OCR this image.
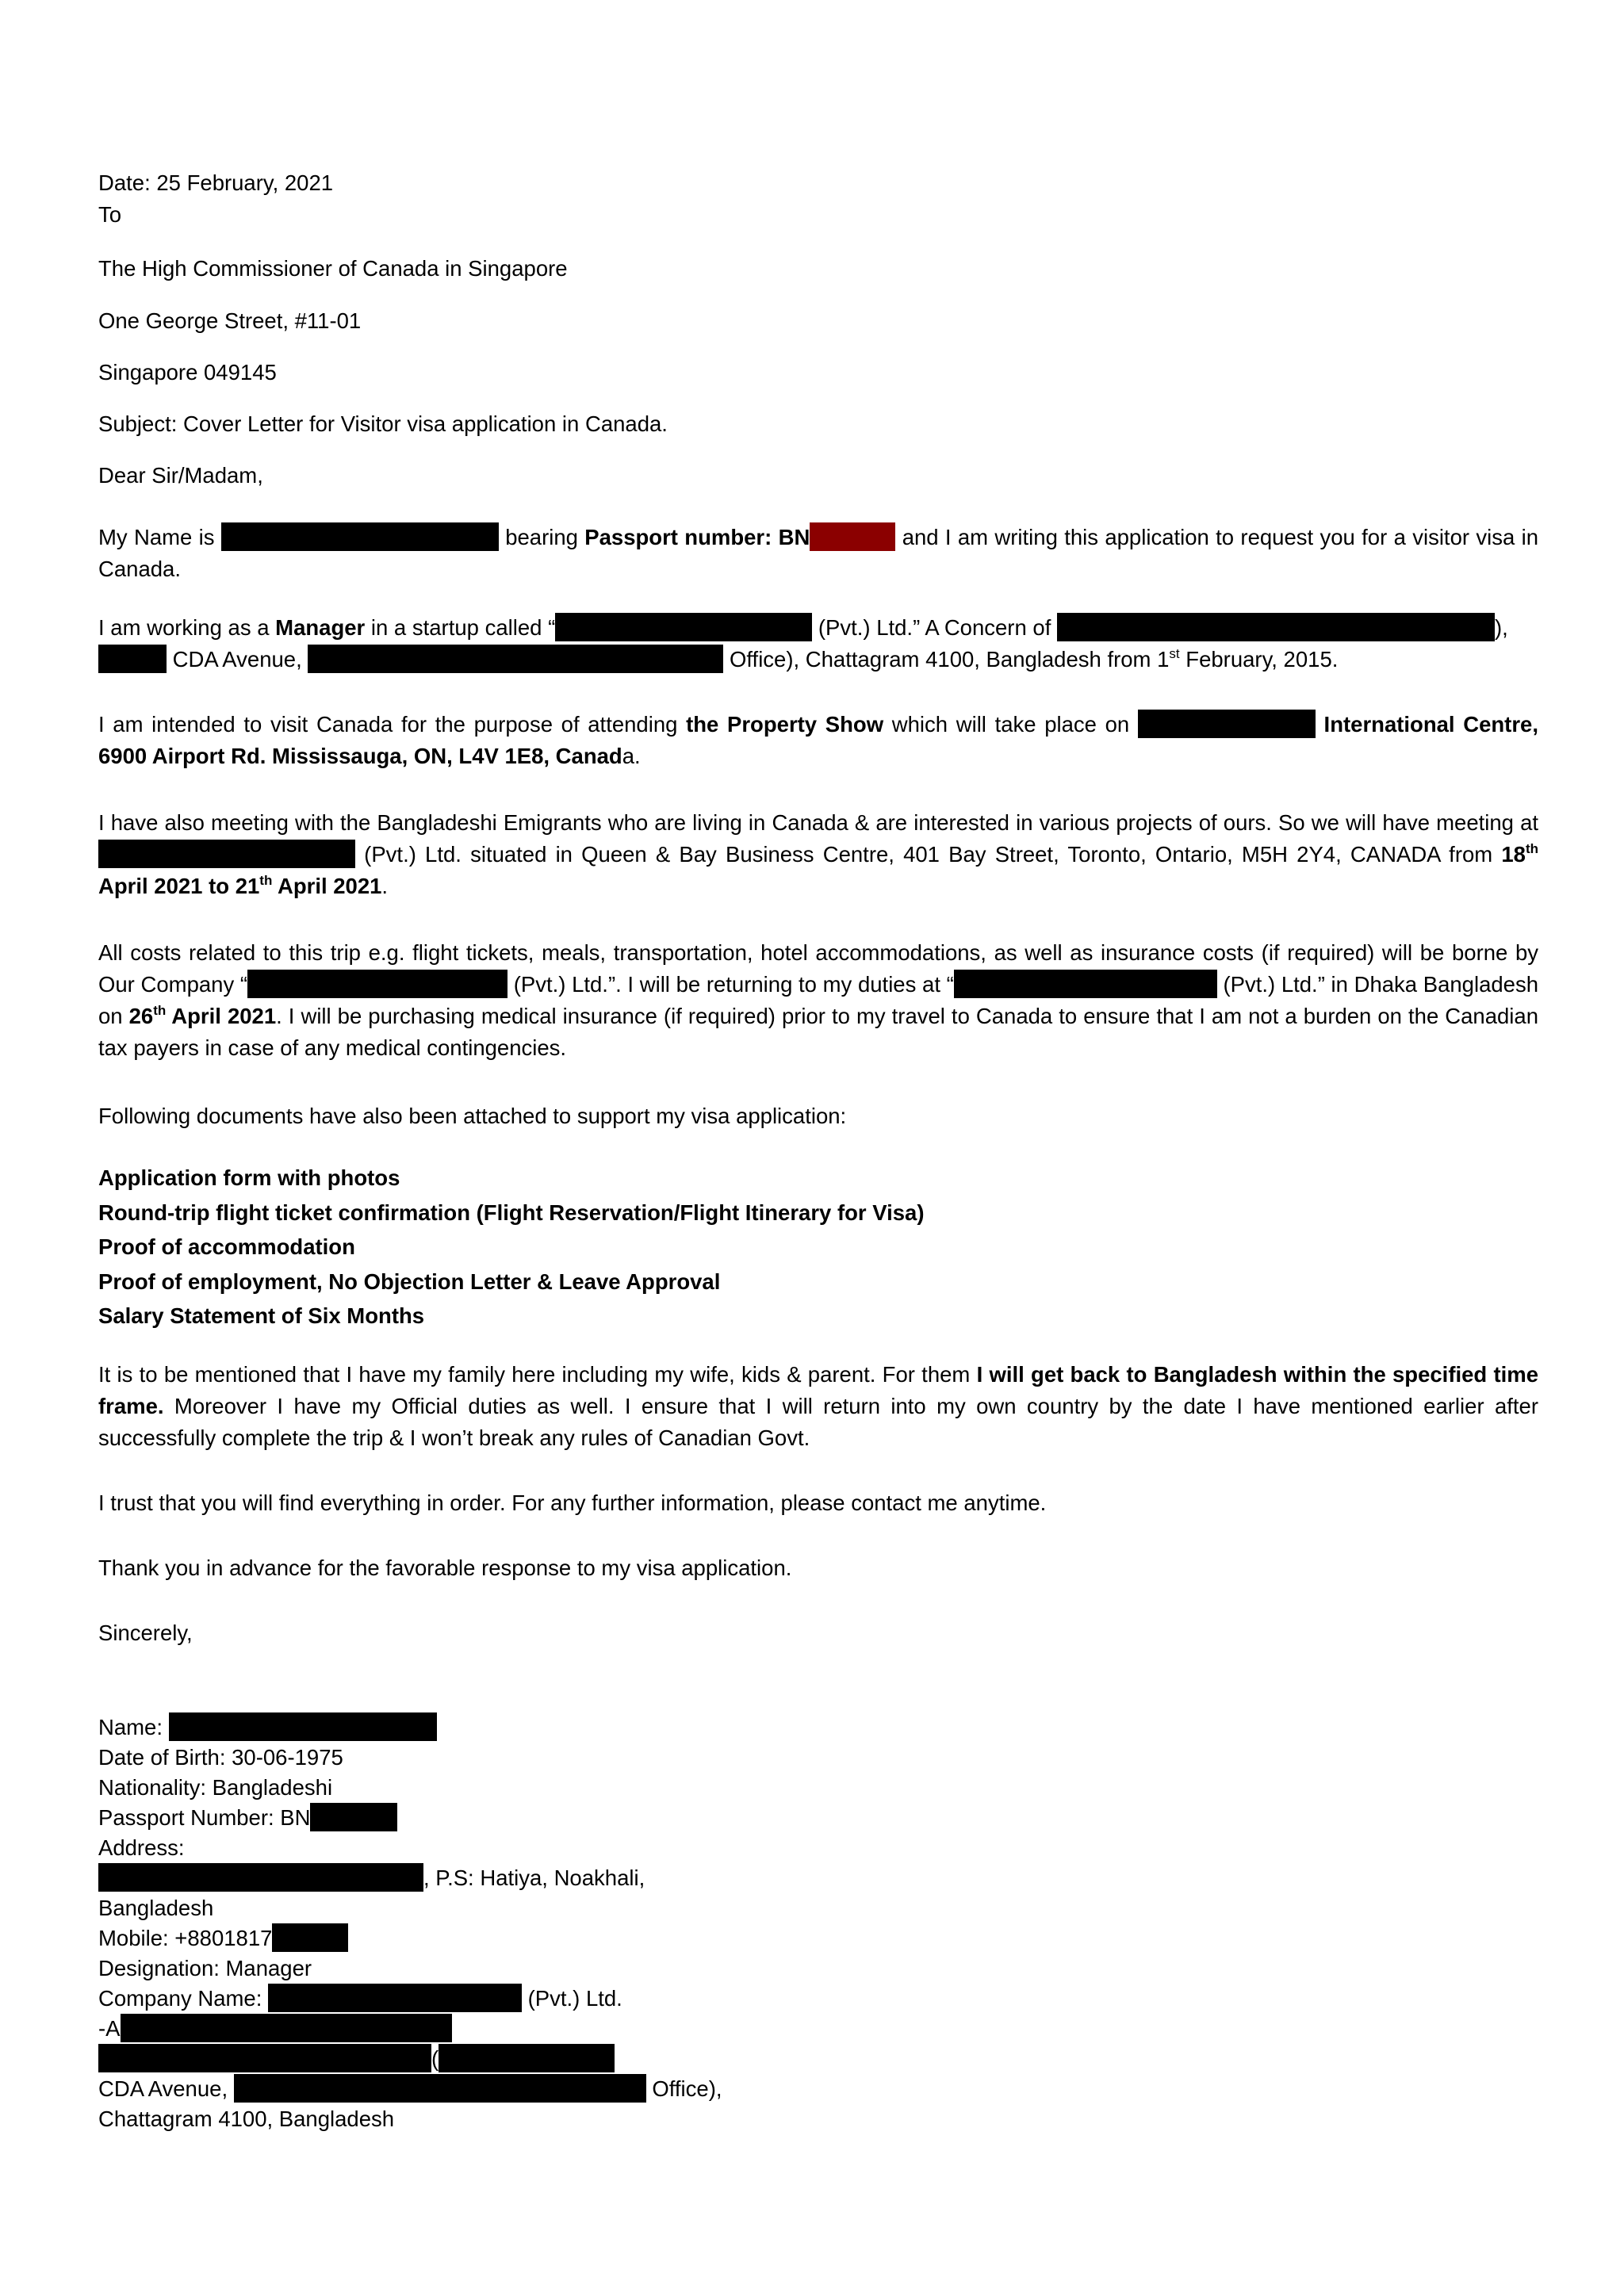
Date: 25 February, 2021
To
The High Commissioner of Canada in Singapore
One George Street, #11-01
Singapore 049145
Subject: Cover Letter for Visitor visa application in Canada.
Dear Sir/Madam,
My Name is	bearing Passport number: BN	and I am writing this application to request you for a visitor visa in Canada.
I am working as a Manager in a startup called “	(Pvt.) Ltd.” A Concern of	),
CDA Avenue,	Office), Chattagram 4100, Bangladesh from 1st February, 2015.
I am intended to visit Canada for the purpose of attending the Property Show which will take place on	International Centre, 6900 Airport Rd. Mississauga, ON, L4V 1E8, Canada.
I have also meeting with the Bangladeshi Emigrants who are living in Canada & are interested in various projects of ours. So we will have meeting at  (Pvt.) Ltd. situated in Queen & Bay Business Centre, 401 Bay Street, Toronto, Ontario, M5H 2Y4, CANADA from 18th April 2021 to 21th April 2021.
All costs related to this trip e.g. flight tickets, meals, transportation, hotel accommodations, as well as insurance costs (if required) will be borne by Our Company “	(Pvt.) Ltd.”. I will be returning to my duties at “	(Pvt.) Ltd.” in Dhaka Bangladesh on 26th April 2021. I will be purchasing medical insurance (if required) prior to my travel to Canada to ensure that I am not a burden on the Canadian tax payers in case of any medical contingencies.
Following documents have also been attached to support my visa application:
Application form with photos
Round-trip flight ticket confirmation (Flight Reservation/Flight Itinerary for Visa)
Proof of accommodation
Proof of employment, No Objection Letter & Leave Approval
Salary Statement of Six Months
It is to be mentioned that I have my family here including my wife, kids & parent. For them I will get back to Bangladesh within the specified time frame. Moreover I have my Official duties as well. I ensure that I will return into my own country by the date I have mentioned earlier after successfully complete the trip & I won’t break any rules of Canadian Govt.
I trust that you will find everything in order. For any further information, please contact me anytime.
Thank you in advance for the favorable response to my visa application.
Sincerely,
Name:
Date of Birth: 30-06-1975
Nationality: Bangladeshi
Passport Number: BN
Address:
, P.S: Hatiya, Noakhali,
Bangladesh
Mobile: +8801817
Designation: Manager
Company Name:	(Pvt.) Ltd.
-A
(
CDA Avenue,	Office),
Chattagram 4100, Bangladesh
